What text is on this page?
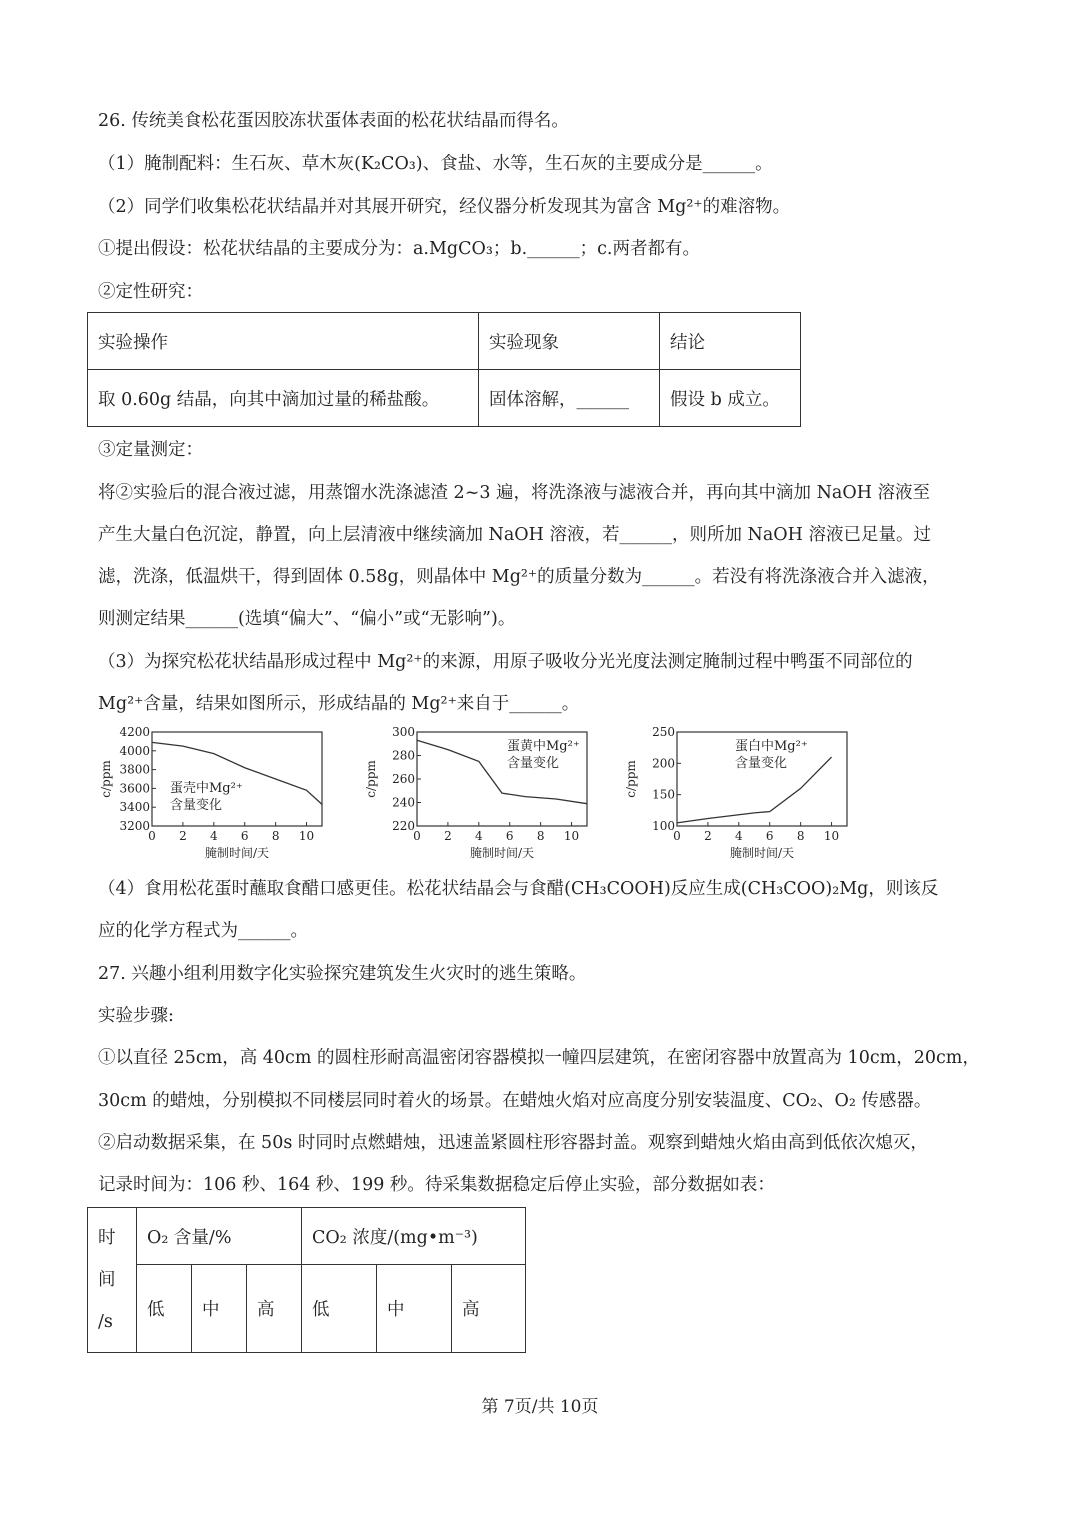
26. 传统美食松花蛋因胶冻状蛋体表面的松花状结晶而得名。
（1）腌制配料：生石灰、草木灰(K₂CO₃)、食盐、水等，生石灰的主要成分是______。
（2）同学们收集松花状结晶并对其展开研究，经仪器分析发现其为富含 Mg²⁺的难溶物。
①提出假设：松花状结晶的主要成分为：a.MgCO₃；b.______；c.两者都有。
②定性研究：
实验操作	实验现象	结论
取 0.60g 结晶，向其中滴加过量的稀盐酸。	固体溶解，______	假设 b 成立。
③定量测定：
将②实验后的混合液过滤，用蒸馏水洗涤滤渣 2~3 遍，将洗涤液与滤液合并，再向其中滴加 NaOH 溶液至
产生大量白色沉淀，静置，向上层清液中继续滴加 NaOH 溶液，若______，则所加 NaOH 溶液已足量。过
滤，洗涤，低温烘干，得到固体 0.58g，则晶体中 Mg²⁺的质量分数为______。若没有将洗涤液合并入滤液，
则测定结果______(选填“偏大”、“偏小”或“无影响”)。
（3）为探究松花状结晶形成过程中 Mg²⁺的来源，用原子吸收分光光度法测定腌制过程中鸭蛋不同部位的
Mg²⁺含量，结果如图所示，形成结晶的 Mg²⁺来自于______。
3200
3400
3600
3800
4000
4200
0 2 4 6 8 10
腌制时间/天
c/ppm	蛋壳中Mg²⁺
含量变化
220
240
260
280
300
0 2 4 6 8 10
腌制时间/天
c/ppm
蛋黄中Mg²⁺
含量变化
100
150
200
250
0 2 4 6 8 10
腌制时间/天
c/ppm
蛋白中Mg²⁺
含量变化
（4）食用松花蛋时蘸取食醋口感更佳。松花状结晶会与食醋(CH₃COOH)反应生成(CH₃COO)₂Mg，则该反
应的化学方程式为______。
27. 兴趣小组利用数字化实验探究建筑发生火灾时的逃生策略。
实验步骤:
①以直径 25cm，高 40cm 的圆柱形耐高温密闭容器模拟一幢四层建筑，在密闭容器中放置高为 10cm，20cm，
30cm 的蜡烛，分别模拟不同楼层同时着火的场景。在蜡烛火焰对应高度分别安装温度、CO₂、O₂ 传感器。
②启动数据采集，在 50s 时同时点燃蜡烛，迅速盖紧圆柱形容器封盖。观察到蜡烛火焰由高到低依次熄灭，
记录时间为：106 秒、164 秒、199 秒。待采集数据稳定后停止实验，部分数据如表：
时
间
/s	O₂ 含量/%			CO₂ 浓度/(mg•m⁻³)		
	低	中	高	低	中	高
第 7页/共 10页
